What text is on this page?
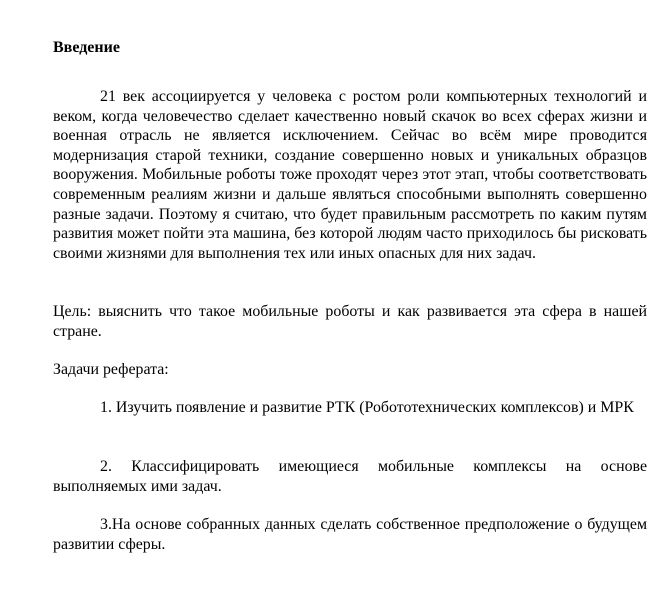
Введение

21 век ассоциируется у человека с ростом роли компьютерных технологий и веком, когда человечество сделает качественно новый скачок во всех сферах жизни и военная отрасль не является исключением. Сейчас во всём мире проводится модернизация старой техники, создание совершенно новых и уникальных образцов вооружения. Мобильные роботы тоже проходят через этот этап, чтобы соответствовать современным реалиям жизни и дальше являться способными выполнять совершенно разные задачи. Поэтому я считаю, что будет правильным рассмотреть по каким путям развития может пойти эта машина, без которой людям часто приходилось бы рисковать своими жизнями для выполнения тех или иных опасных для них задач.

Цель: выяснить что такое мобильные роботы и как развивается эта сфера в нашей стране.

Задачи реферата:

1. Изучить появление и развитие РТК (Робототехнических комплексов) и МРК

2. Классифицировать имеющиеся мобильные комплексы на основе выполняемых ими задач.

3.На основе собранных данных сделать собственное предположение о будущем развитии сферы.
